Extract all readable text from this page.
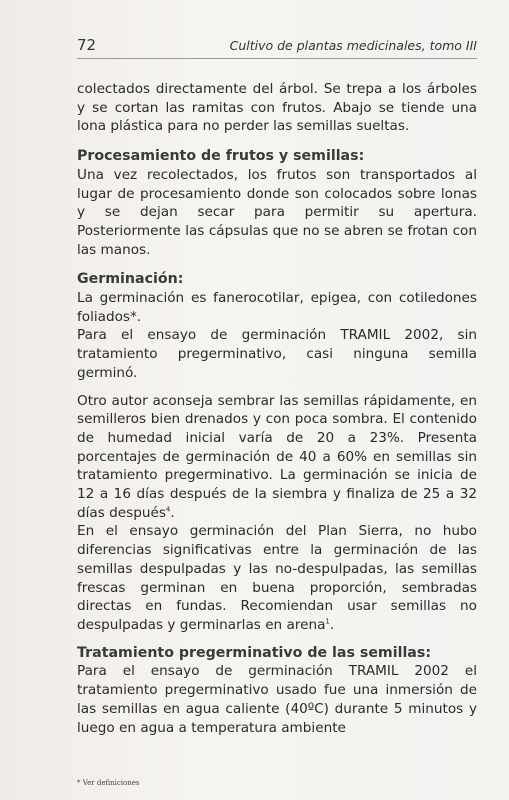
72	Cultivo de plantas medicinales, tomo III

colectados directamente del árbol. Se trepa a los árboles y se cortan las ramitas con frutos. Abajo se tiende una lona plástica para no perder las semillas sueltas.

Procesamiento de frutos y semillas:

Una vez recolectados, los frutos son transportados al lugar de procesamiento donde son colocados sobre lonas y se dejan secar para permitir su apertura. Posteriormente las cápsulas que no se abren se frotan con las manos.

Germinación:

La germinación es fanerocotilar, epigea, con cotiledones foliados*.

Para el ensayo de germinación TRAMIL 2002, sin tratamiento pregerminativo, casi ninguna semilla germinó.

Otro autor aconseja sembrar las semillas rápidamente, en semilleros bien drenados y con poca sombra. El contenido de humedad inicial varía de 20 a 23%. Presenta porcentajes de germinación de 40 a 60% en semillas sin tratamiento pregerminativo. La germinación se inicia de 12 a 16 días después de la siembra y finaliza de 25 a 32 días después$^4$.

En el ensayo germinación del Plan Sierra, no hubo diferencias significativas entre la germinación de las semillas despulpadas y las no-despulpadas, las semillas frescas germinan en buena proporción, sembradas directas en fundas. Recomiendan usar semillas no despulpadas y germinarlas en arena$^1$.

Tratamiento pregerminativo de las semillas:

Para el ensayo de germinación TRAMIL 2002 el tratamiento pregerminativo usado fue una inmersión de las semillas en agua caliente (40ºC) durante 5 minutos y luego en agua a temperatura ambiente

* Ver definiciones
